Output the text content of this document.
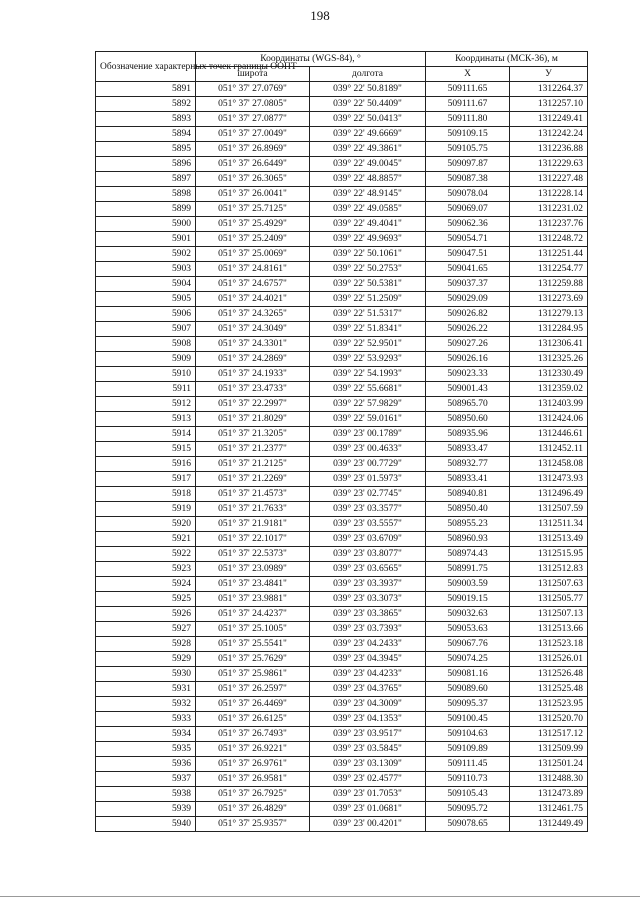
198
Обозначение характерных точек границы ООПТ	Координаты (WGS-84), °		Координаты (МСК-36), м	
	широта	долгота	X	У
5891	051° 37' 27.0769"	039° 22' 50.8189"	509111.65	1312264.37
5892	051° 37' 27.0805"	039° 22' 50.4409"	509111.67	1312257.10
5893	051° 37' 27.0877"	039° 22' 50.0413"	509111.80	1312249.41
5894	051° 37' 27.0049"	039° 22' 49.6669"	509109.15	1312242.24
5895	051° 37' 26.8969"	039° 22' 49.3861"	509105.75	1312236.88
5896	051° 37' 26.6449"	039° 22' 49.0045"	509097.87	1312229.63
5897	051° 37' 26.3065"	039° 22' 48.8857"	509087.38	1312227.48
5898	051° 37' 26.0041"	039° 22' 48.9145"	509078.04	1312228.14
5899	051° 37' 25.7125"	039° 22' 49.0585"	509069.07	1312231.02
5900	051° 37' 25.4929"	039° 22' 49.4041"	509062.36	1312237.76
5901	051° 37' 25.2409"	039° 22' 49.9693"	509054.71	1312248.72
5902	051° 37' 25.0069"	039° 22' 50.1061"	509047.51	1312251.44
5903	051° 37' 24.8161"	039° 22' 50.2753"	509041.65	1312254.77
5904	051° 37' 24.6757"	039° 22' 50.5381"	509037.37	1312259.88
5905	051° 37' 24.4021"	039° 22' 51.2509"	509029.09	1312273.69
5906	051° 37' 24.3265"	039° 22' 51.5317"	509026.82	1312279.13
5907	051° 37' 24.3049"	039° 22' 51.8341"	509026.22	1312284.95
5908	051° 37' 24.3301"	039° 22' 52.9501"	509027.26	1312306.41
5909	051° 37' 24.2869"	039° 22' 53.9293"	509026.16	1312325.26
5910	051° 37' 24.1933"	039° 22' 54.1993"	509023.33	1312330.49
5911	051° 37' 23.4733"	039° 22' 55.6681"	509001.43	1312359.02
5912	051° 37' 22.2997"	039° 22' 57.9829"	508965.70	1312403.99
5913	051° 37' 21.8029"	039° 22' 59.0161"	508950.60	1312424.06
5914	051° 37' 21.3205"	039° 23' 00.1789"	508935.96	1312446.61
5915	051° 37' 21.2377"	039° 23' 00.4633"	508933.47	1312452.11
5916	051° 37' 21.2125"	039° 23' 00.7729"	508932.77	1312458.08
5917	051° 37' 21.2269"	039° 23' 01.5973"	508933.41	1312473.93
5918	051° 37' 21.4573"	039° 23' 02.7745"	508940.81	1312496.49
5919	051° 37' 21.7633"	039° 23' 03.3577"	508950.40	1312507.59
5920	051° 37' 21.9181"	039° 23' 03.5557"	508955.23	1312511.34
5921	051° 37' 22.1017"	039° 23' 03.6709"	508960.93	1312513.49
5922	051° 37' 22.5373"	039° 23' 03.8077"	508974.43	1312515.95
5923	051° 37' 23.0989"	039° 23' 03.6565"	508991.75	1312512.83
5924	051° 37' 23.4841"	039° 23' 03.3937"	509003.59	1312507.63
5925	051° 37' 23.9881"	039° 23' 03.3073"	509019.15	1312505.77
5926	051° 37' 24.4237"	039° 23' 03.3865"	509032.63	1312507.13
5927	051° 37' 25.1005"	039° 23' 03.7393"	509053.63	1312513.66
5928	051° 37' 25.5541"	039° 23' 04.2433"	509067.76	1312523.18
5929	051° 37' 25.7629"	039° 23' 04.3945"	509074.25	1312526.01
5930	051° 37' 25.9861"	039° 23' 04.4233"	509081.16	1312526.48
5931	051° 37' 26.2597"	039° 23' 04.3765"	509089.60	1312525.48
5932	051° 37' 26.4469"	039° 23' 04.3009"	509095.37	1312523.95
5933	051° 37' 26.6125"	039° 23' 04.1353"	509100.45	1312520.70
5934	051° 37' 26.7493"	039° 23' 03.9517"	509104.63	1312517.12
5935	051° 37' 26.9221"	039° 23' 03.5845"	509109.89	1312509.99
5936	051° 37' 26.9761"	039° 23' 03.1309"	509111.45	1312501.24
5937	051° 37' 26.9581"	039° 23' 02.4577"	509110.73	1312488.30
5938	051° 37' 26.7925"	039° 23' 01.7053"	509105.43	1312473.89
5939	051° 37' 26.4829"	039° 23' 01.0681"	509095.72	1312461.75
5940	051° 37' 25.9357"	039° 23' 00.4201"	509078.65	1312449.49
